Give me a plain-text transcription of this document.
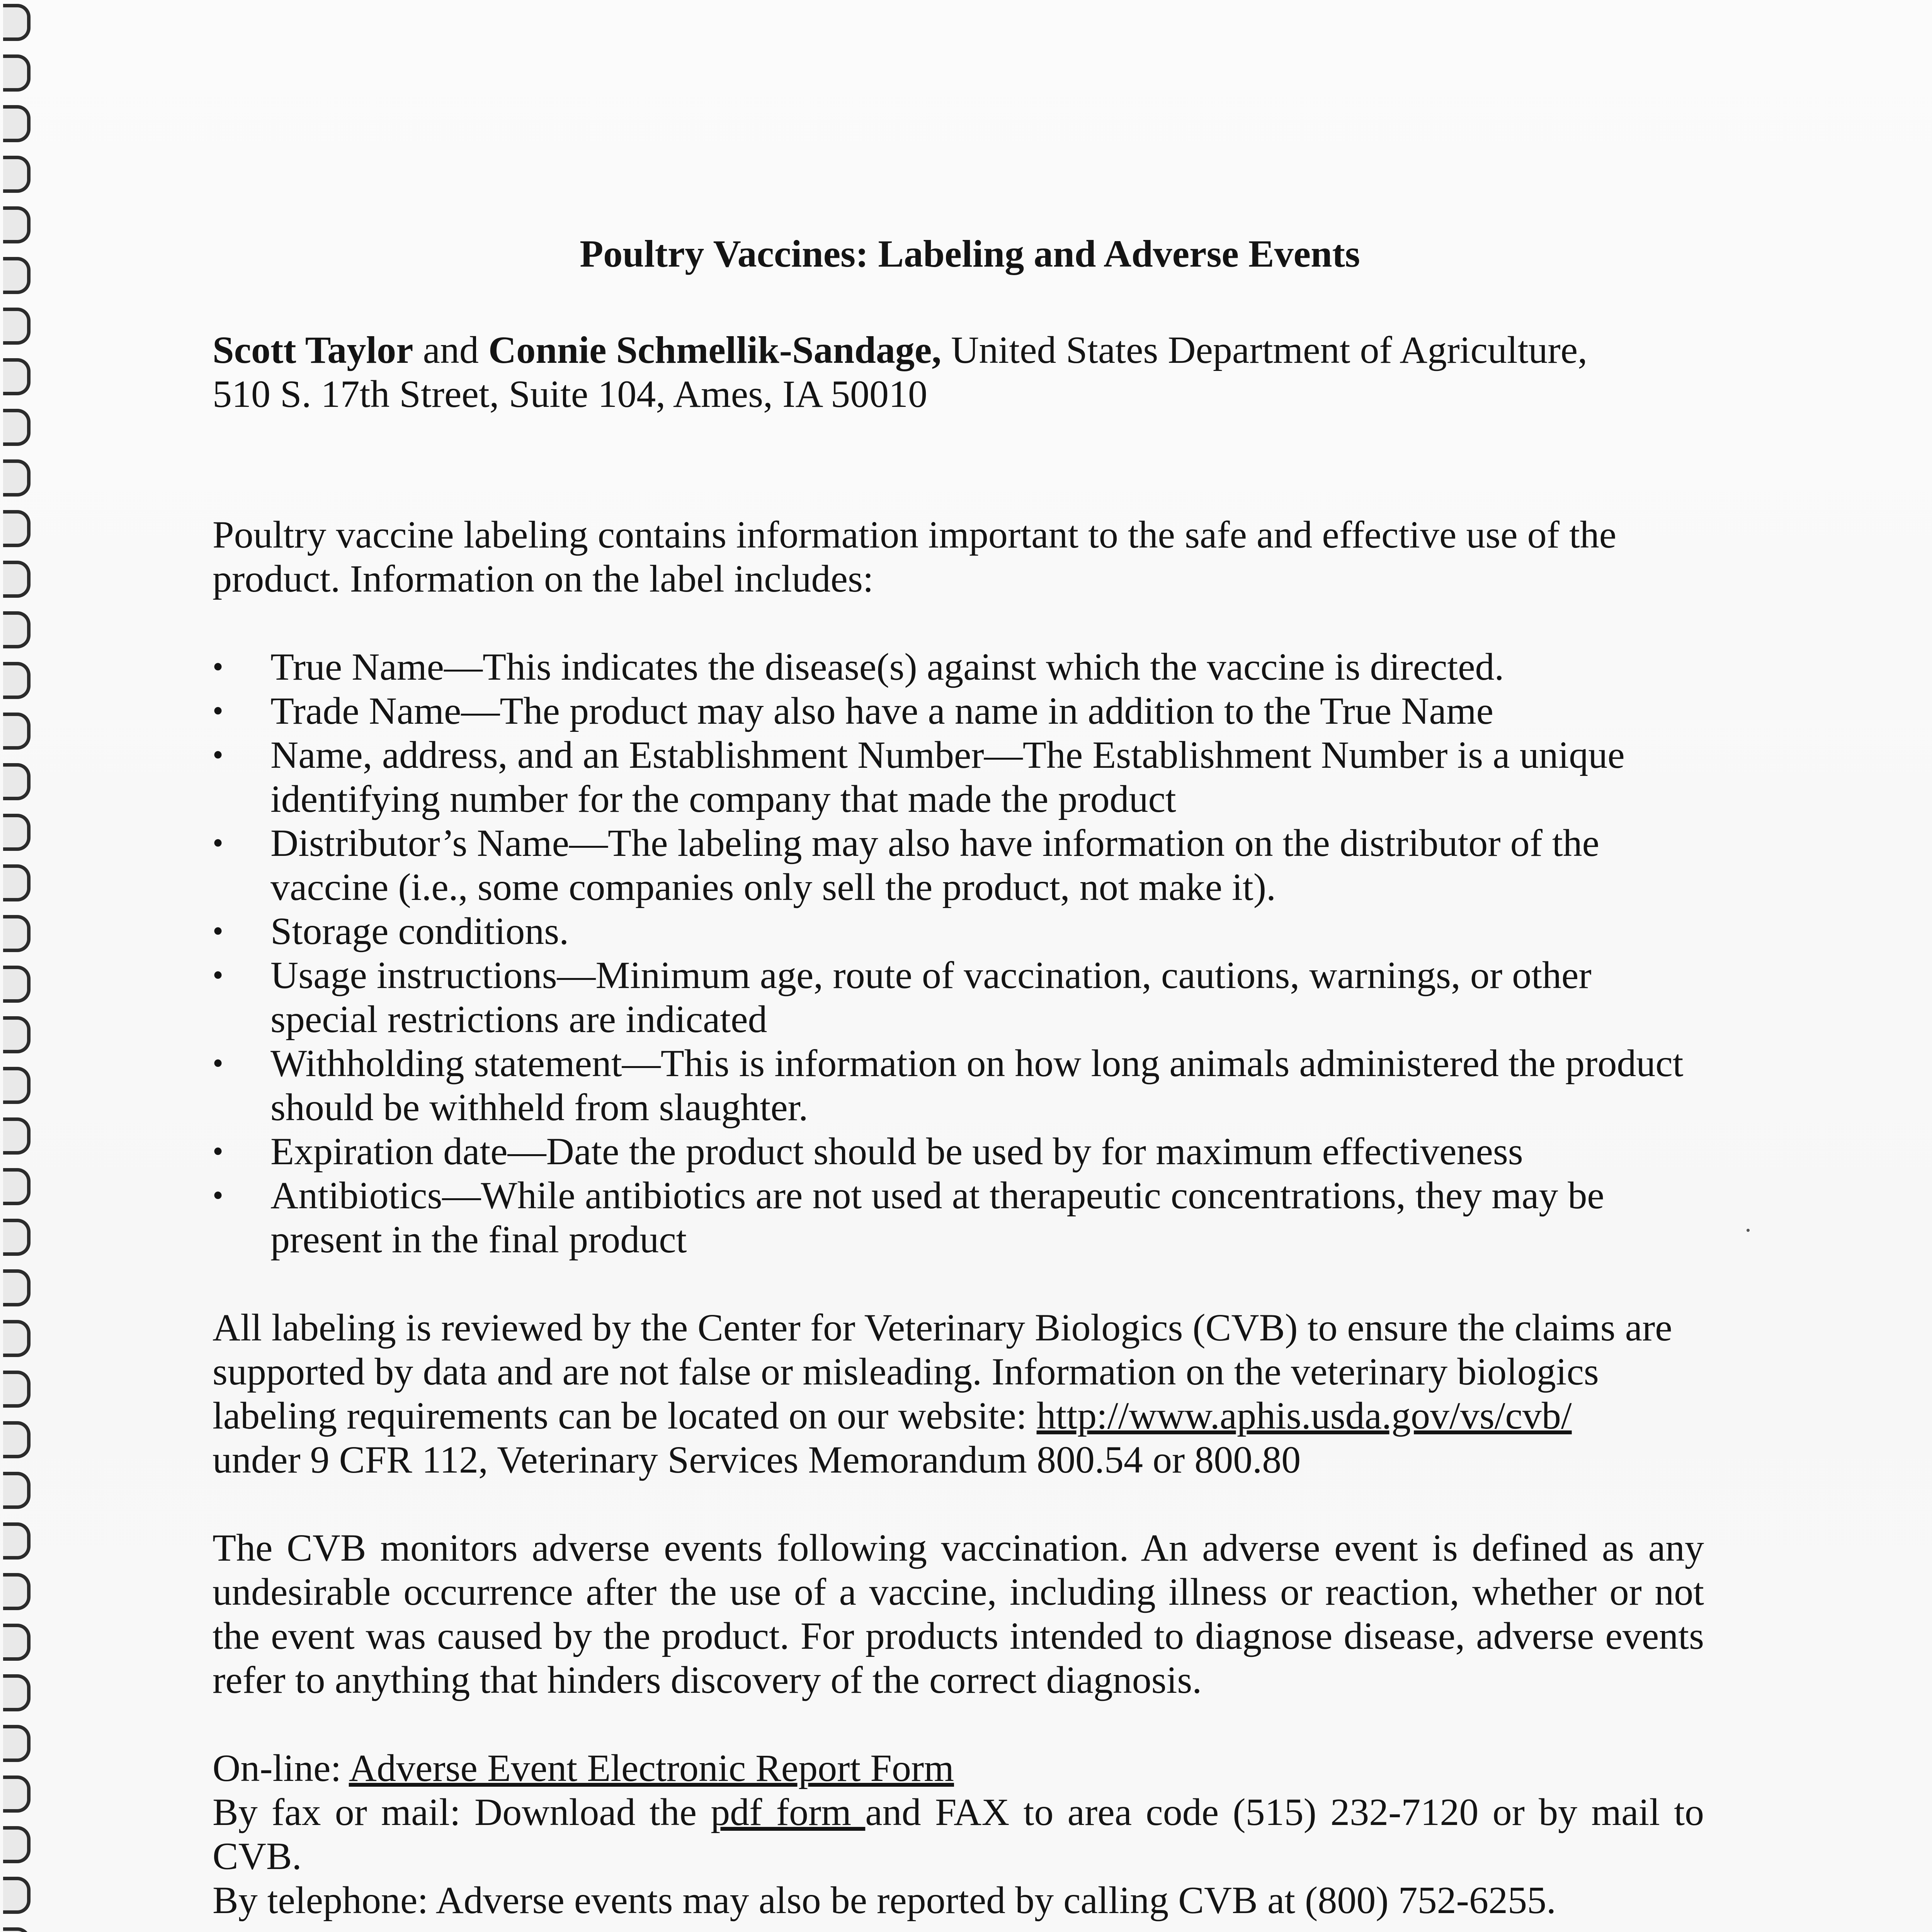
Poultry Vaccines: Labeling and Adverse Events

Scott Taylor and Connie Schmellik-Sandage, United States Department of Agriculture,

510 S. 17th Street, Suite 104, Ames, IA 50010

Poultry vaccine labeling contains information important to the safe and effective use of the product. Information on the label includes:

• True Name—This indicates the disease(s) against which the vaccine is directed.
• Trade Name—The product may also have a name in addition to the True Name
• Name, address, and an Establishment Number—The Establishment Number is a unique identifying number for the company that made the product
• Distributor’s Name—The labeling may also have information on the distributor of the vaccine (i.e., some companies only sell the product, not make it).
• Storage conditions.
• Usage instructions—Minimum age, route of vaccination, cautions, warnings, or other special restrictions are indicated
• Withholding statement—This is information on how long animals administered the product should be withheld from slaughter.
• Expiration date—Date the product should be used by for maximum effectiveness
• Antibiotics—While antibiotics are not used at therapeutic concentrations, they may be present in the final product
All labeling is reviewed by the Center for Veterinary Biologics (CVB) to ensure the claims are supported by data and are not false or misleading. Information on the veterinary biologics labeling requirements can be located on our website: http://www.aphis.usda.gov/vs/cvb/
under 9 CFR 112, Veterinary Services Memorandum 800.54 or 800.80

The CVB monitors adverse events following vaccination. An adverse event is defined as any undesirable occurrence after the use of a vaccine, including illness or reaction, whether or not the event was caused by the product. For products intended to diagnose disease, adverse events refer to anything that hinders discovery of the correct diagnosis.

On-line: Adverse Event Electronic Report Form

By fax or mail: Download the pdf form and FAX to area code (515) 232-7120 or by mail to CVB.

By telephone: Adverse events may also be reported by calling CVB at (800) 752-6255.
